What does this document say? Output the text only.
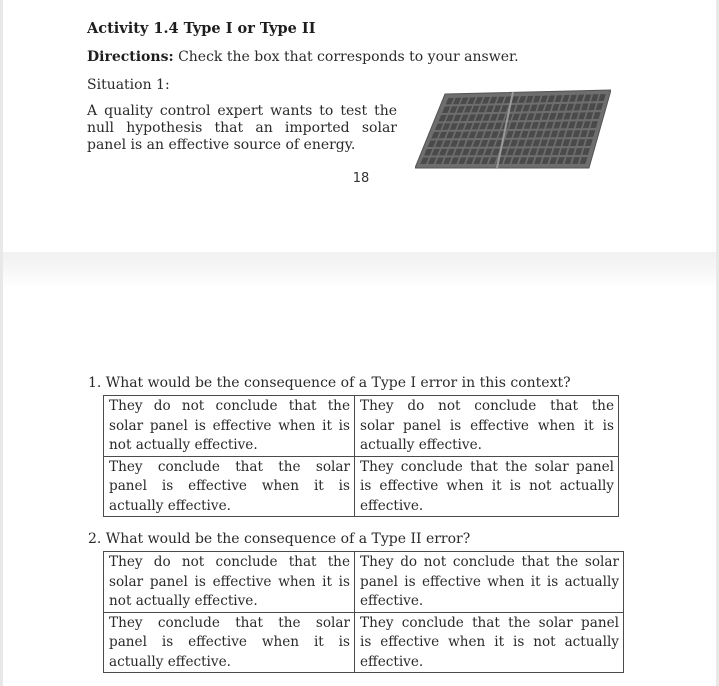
Activity 1.4 Type I or Type II
Directions: Check the box that corresponds to your answer.
Situation 1:
A quality control expert wants to test the
null hypothesis that an imported solar
panel is an effective source of energy.
18
1. What would be the consequence of a Type I error in this context?
They do not conclude that the
solar panel is effective when it is
not actually effective.	They do not conclude that the
solar panel is effective when it is
actually effective.

They conclude that the solar
panel is effective when it is
actually effective.	They conclude that the solar panel
is effective when it is not actually
effective.
2. What would be the consequence of a Type II error?
They do not conclude that the
solar panel is effective when it is
not actually effective.	They do not conclude that the solar
panel is effective when it is actually
effective.

They conclude that the solar
panel is effective when it is
actually effective.	They conclude that the solar panel
is effective when it is not actually
effective.
